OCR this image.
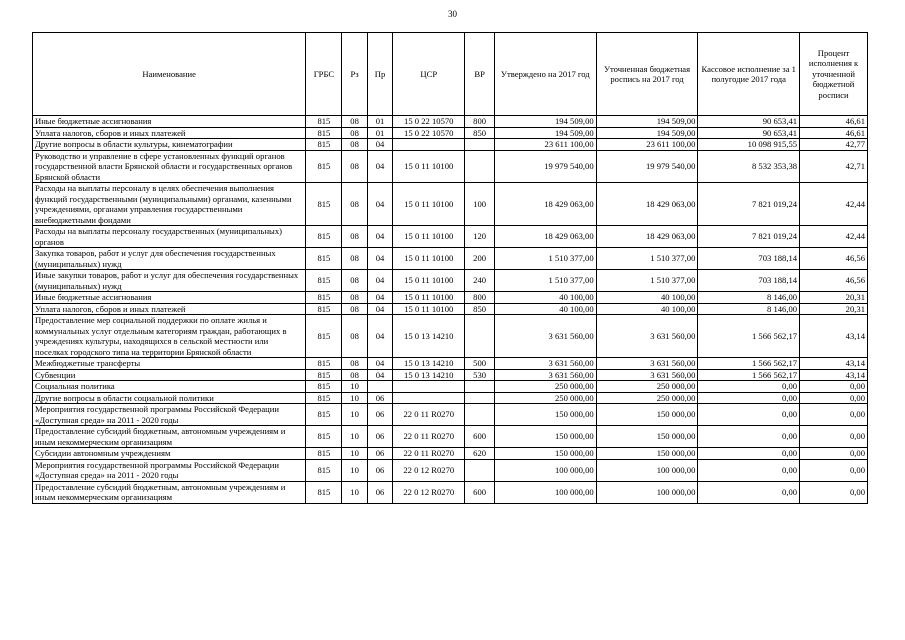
30
Наименование	ГРБС	Рз	Пр	ЦСР	ВР	Утверждено на 2017 год	Уточненная бюджетная роспись на 2017 год	Кассовое исполнение за 1 полугодие 2017 года	Процент исполнения к уточненной бюджетной росписи
Иные бюджетные ассигнования	815	08	01	15 0 22 10570	800	194 509,00	194 509,00	90 653,41	46,61
Уплата налогов, сборов и иных платежей	815	08	01	15 0 22 10570	850	194 509,00	194 509,00	90 653,41	46,61
Другие вопросы в области культуры, кинематографии	815	08	04			23 611 100,00	23 611 100,00	10 098 915,55	42,77
Руководство и управление в сфере установленных функций органов государственной власти Брянской области и государственных органов Брянской области	815	08	04	15 0 11 10100		19 979 540,00	19 979 540,00	8 532 353,38	42,71
Расходы на выплаты персоналу в целях обеспечения выполнения функций государственными (муниципальными) органами, казенными учреждениями, органами управления государственными внебюджетными фондами	815	08	04	15 0 11 10100	100	18 429 063,00	18 429 063,00	7 821 019,24	42,44
Расходы на выплаты персоналу государственных (муниципальных) органов	815	08	04	15 0 11 10100	120	18 429 063,00	18 429 063,00	7 821 019,24	42,44
Закупка товаров, работ и услуг для обеспечения государственных (муниципальных) нужд	815	08	04	15 0 11 10100	200	1 510 377,00	1 510 377,00	703 188,14	46,56
Иные закупки товаров, работ и услуг для обеспечения государственных (муниципальных) нужд	815	08	04	15 0 11 10100	240	1 510 377,00	1 510 377,00	703 188,14	46,56
Иные бюджетные ассигнования	815	08	04	15 0 11 10100	800	40 100,00	40 100,00	8 146,00	20,31
Уплата налогов, сборов и иных платежей	815	08	04	15 0 11 10100	850	40 100,00	40 100,00	8 146,00	20,31
Предоставление мер социальной поддержки по оплате жилья и коммунальных услуг отдельным категориям граждан, работающих в учреждениях культуры, находящихся в сельской местности или поселках городского типа на территории Брянской области	815	08	04	15 0 13 14210		3 631 560,00	3 631 560,00	1 566 562,17	43,14
Межбюджетные трансферты	815	08	04	15 0 13 14210	500	3 631 560,00	3 631 560,00	1 566 562,17	43,14
Субвенции	815	08	04	15 0 13 14210	530	3 631 560,00	3 631 560,00	1 566 562,17	43,14
Социальная политика	815	10				250 000,00	250 000,00	0,00	0,00
Другие вопросы в области социальной политики	815	10	06			250 000,00	250 000,00	0,00	0,00
Мероприятия государственной программы Российской Федерации «Доступная среда» на 2011 - 2020 годы	815	10	06	22 0 11 R0270		150 000,00	150 000,00	0,00	0,00
Предоставление субсидий бюджетным, автономным учреждениям и иным некоммерческим организациям	815	10	06	22 0 11 R0270	600	150 000,00	150 000,00	0,00	0,00
Субсидии автономным учреждениям	815	10	06	22 0 11 R0270	620	150 000,00	150 000,00	0,00	0,00
Мероприятия государственной программы Российской Федерации «Доступная среда» на 2011 - 2020 годы	815	10	06	22 0 12 R0270		100 000,00	100 000,00	0,00	0,00
Предоставление субсидий бюджетным, автономным учреждениям и иным некоммерческим организациям	815	10	06	22 0 12 R0270	600	100 000,00	100 000,00	0,00	0,00
